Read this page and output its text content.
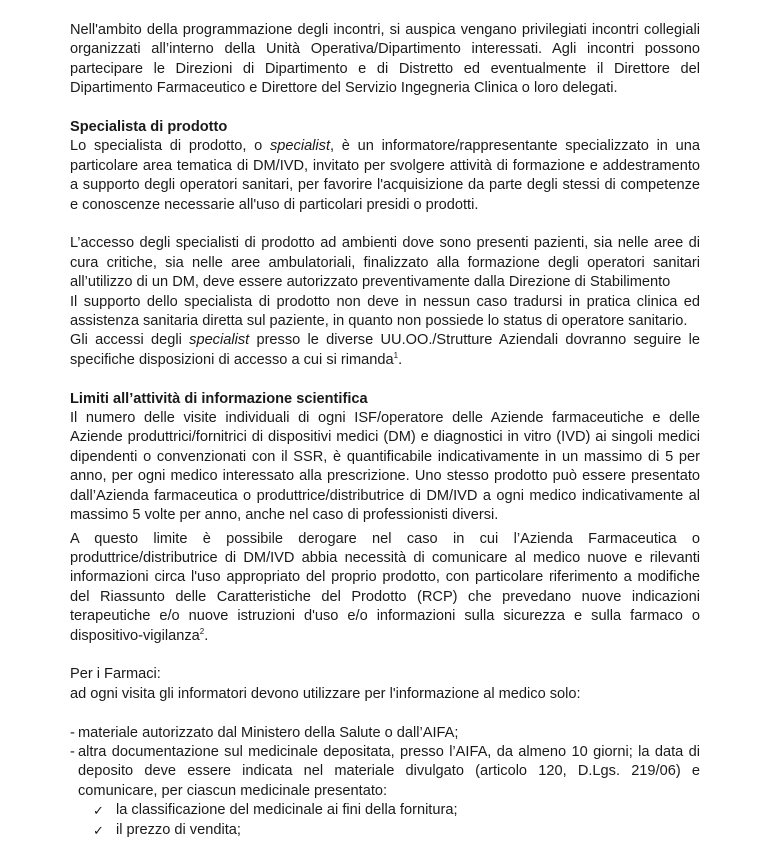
Nell'ambito della programmazione degli incontri, si auspica vengano privilegiati incontri collegiali organizzati all’interno della Unità Operativa/Dipartimento interessati. Agli incontri possono partecipare le Direzioni di Dipartimento e di Distretto ed eventualmente il Direttore del Dipartimento Farmaceutico e Direttore del Servizio Ingegneria Clinica o loro delegati.

Specialista di prodotto

Lo specialista di prodotto, o specialist, è un informatore/rappresentante specializzato in una particolare area tematica di DM/IVD, invitato per svolgere attività di formazione e addestramento a supporto degli operatori sanitari, per favorire l'acquisizione da parte degli stessi di competenze e conoscenze necessarie all'uso di particolari presidi o prodotti.

L’accesso degli specialisti di prodotto ad ambienti dove sono presenti pazienti, sia nelle aree di cura critiche, sia nelle aree ambulatoriali, finalizzato alla formazione degli operatori sanitari all’utilizzo di un DM, deve essere autorizzato preventivamente dalla Direzione di Stabilimento

Il supporto dello specialista di prodotto non deve in nessun caso tradursi in pratica clinica ed assistenza sanitaria diretta sul paziente, in quanto non possiede lo status di operatore sanitario.

Gli accessi degli specialist presso le diverse UU.OO./Strutture Aziendali dovranno seguire le specifiche disposizioni di accesso a cui si rimanda$^1$.

Limiti all’attività di informazione scientifica

Il numero delle visite individuali di ogni ISF/operatore delle Aziende farmaceutiche e delle Aziende produttrici/fornitrici di dispositivi medici (DM) e diagnostici in vitro (IVD) ai singoli medici dipendenti o convenzionati con il SSR, è quantificabile indicativamente in un massimo di 5 per anno, per ogni medico interessato alla prescrizione. Uno stesso prodotto può essere presentato dall’Azienda farmaceutica o produttrice/distributrice di DM/IVD a ogni medico indicativamente al massimo 5 volte per anno, anche nel caso di professionisti diversi.

A questo limite è possibile derogare nel caso in cui l’Azienda Farmaceutica o produttrice/distributrice di DM/IVD abbia necessità di comunicare al medico nuove e rilevanti informazioni circa l'uso appropriato del proprio prodotto, con particolare riferimento a modifiche del Riassunto delle Caratteristiche del Prodotto (RCP) che prevedano nuove indicazioni terapeutiche e/o nuove istruzioni d'uso e/o informazioni sulla sicurezza e sulla farmaco o dispositivo-vigilanza$^2$.

Per i Farmaci:

ad ogni visita gli informatori devono utilizzare per l'informazione al medico solo:

- materiale autorizzato dal Ministero della Salute o dall’AIFA;
- altra documentazione sul medicinale depositata, presso l’AIFA, da almeno 10 giorni; la data di deposito deve essere indicata nel materiale divulgato (articolo 120, D.Lgs. 219/06) e comunicare, per ciascun medicinale presentato:
✓ la classificazione del medicinale ai fini della fornitura;
✓ il prezzo di vendita;
